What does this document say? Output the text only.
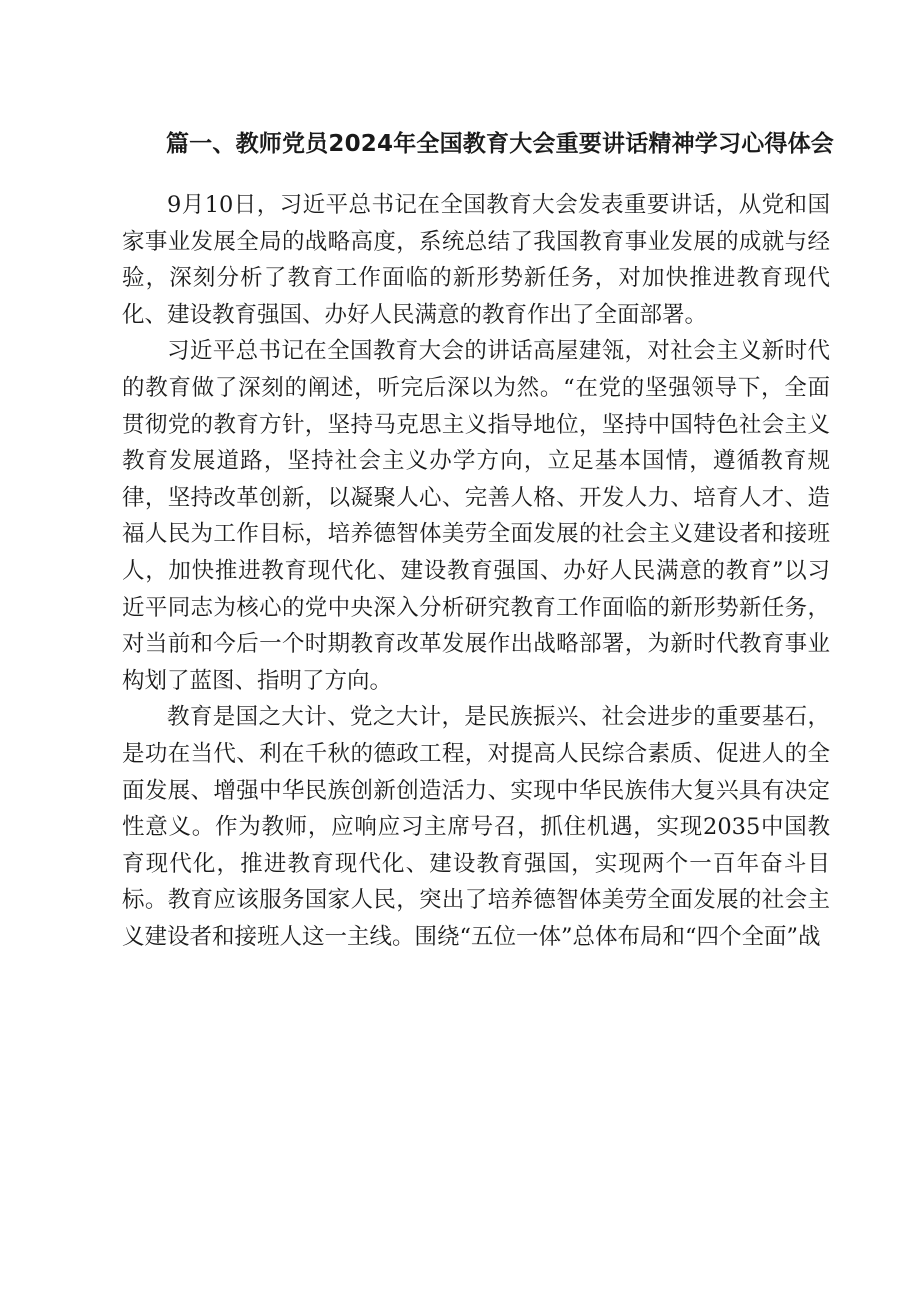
篇一、教师党员2024年全国教育大会重要讲话精神学习心得体会

9月10日，习近平总书记在全国教育大会发表重要讲话，从党和国家事业发展全局的战略高度，系统总结了我国教育事业发展的成就与经验，深刻分析了教育工作面临的新形势新任务，对加快推进教育现代化、建设教育强国、办好人民满意的教育作出了全面部署。

习近平总书记在全国教育大会的讲话高屋建瓴，对社会主义新时代的教育做了深刻的阐述，听完后深以为然。“在党的坚强领导下，全面贯彻党的教育方针，坚持马克思主义指导地位，坚持中国特色社会主义教育发展道路，坚持社会主义办学方向，立足基本国情，遵循教育规律，坚持改革创新，以凝聚人心、完善人格、开发人力、培育人才、造福人民为工作目标，培养德智体美劳全面发展的社会主义建设者和接班人，加快推进教育现代化、建设教育强国、办好人民满意的教育”以习近平同志为核心的党中央深入分析研究教育工作面临的新形势新任务，对当前和今后一个时期教育改革发展作出战略部署，为新时代教育事业构划了蓝图、指明了方向。

教育是国之大计、党之大计，是民族振兴、社会进步的重要基石，是功在当代、利在千秋的德政工程，对提高人民综合素质、促进人的全面发展、增强中华民族创新创造活力、实现中华民族伟大复兴具有决定性意义。作为教师，应响应习主席号召，抓住机遇，实现2035中国教育现代化，推进教育现代化、建设教育强国，实现两个一百年奋斗目标。教育应该服务国家人民，突出了培养德智体美劳全面发展的社会主义建设者和接班人这一主线。围绕“五位一体”总体布局和“四个全面”战
